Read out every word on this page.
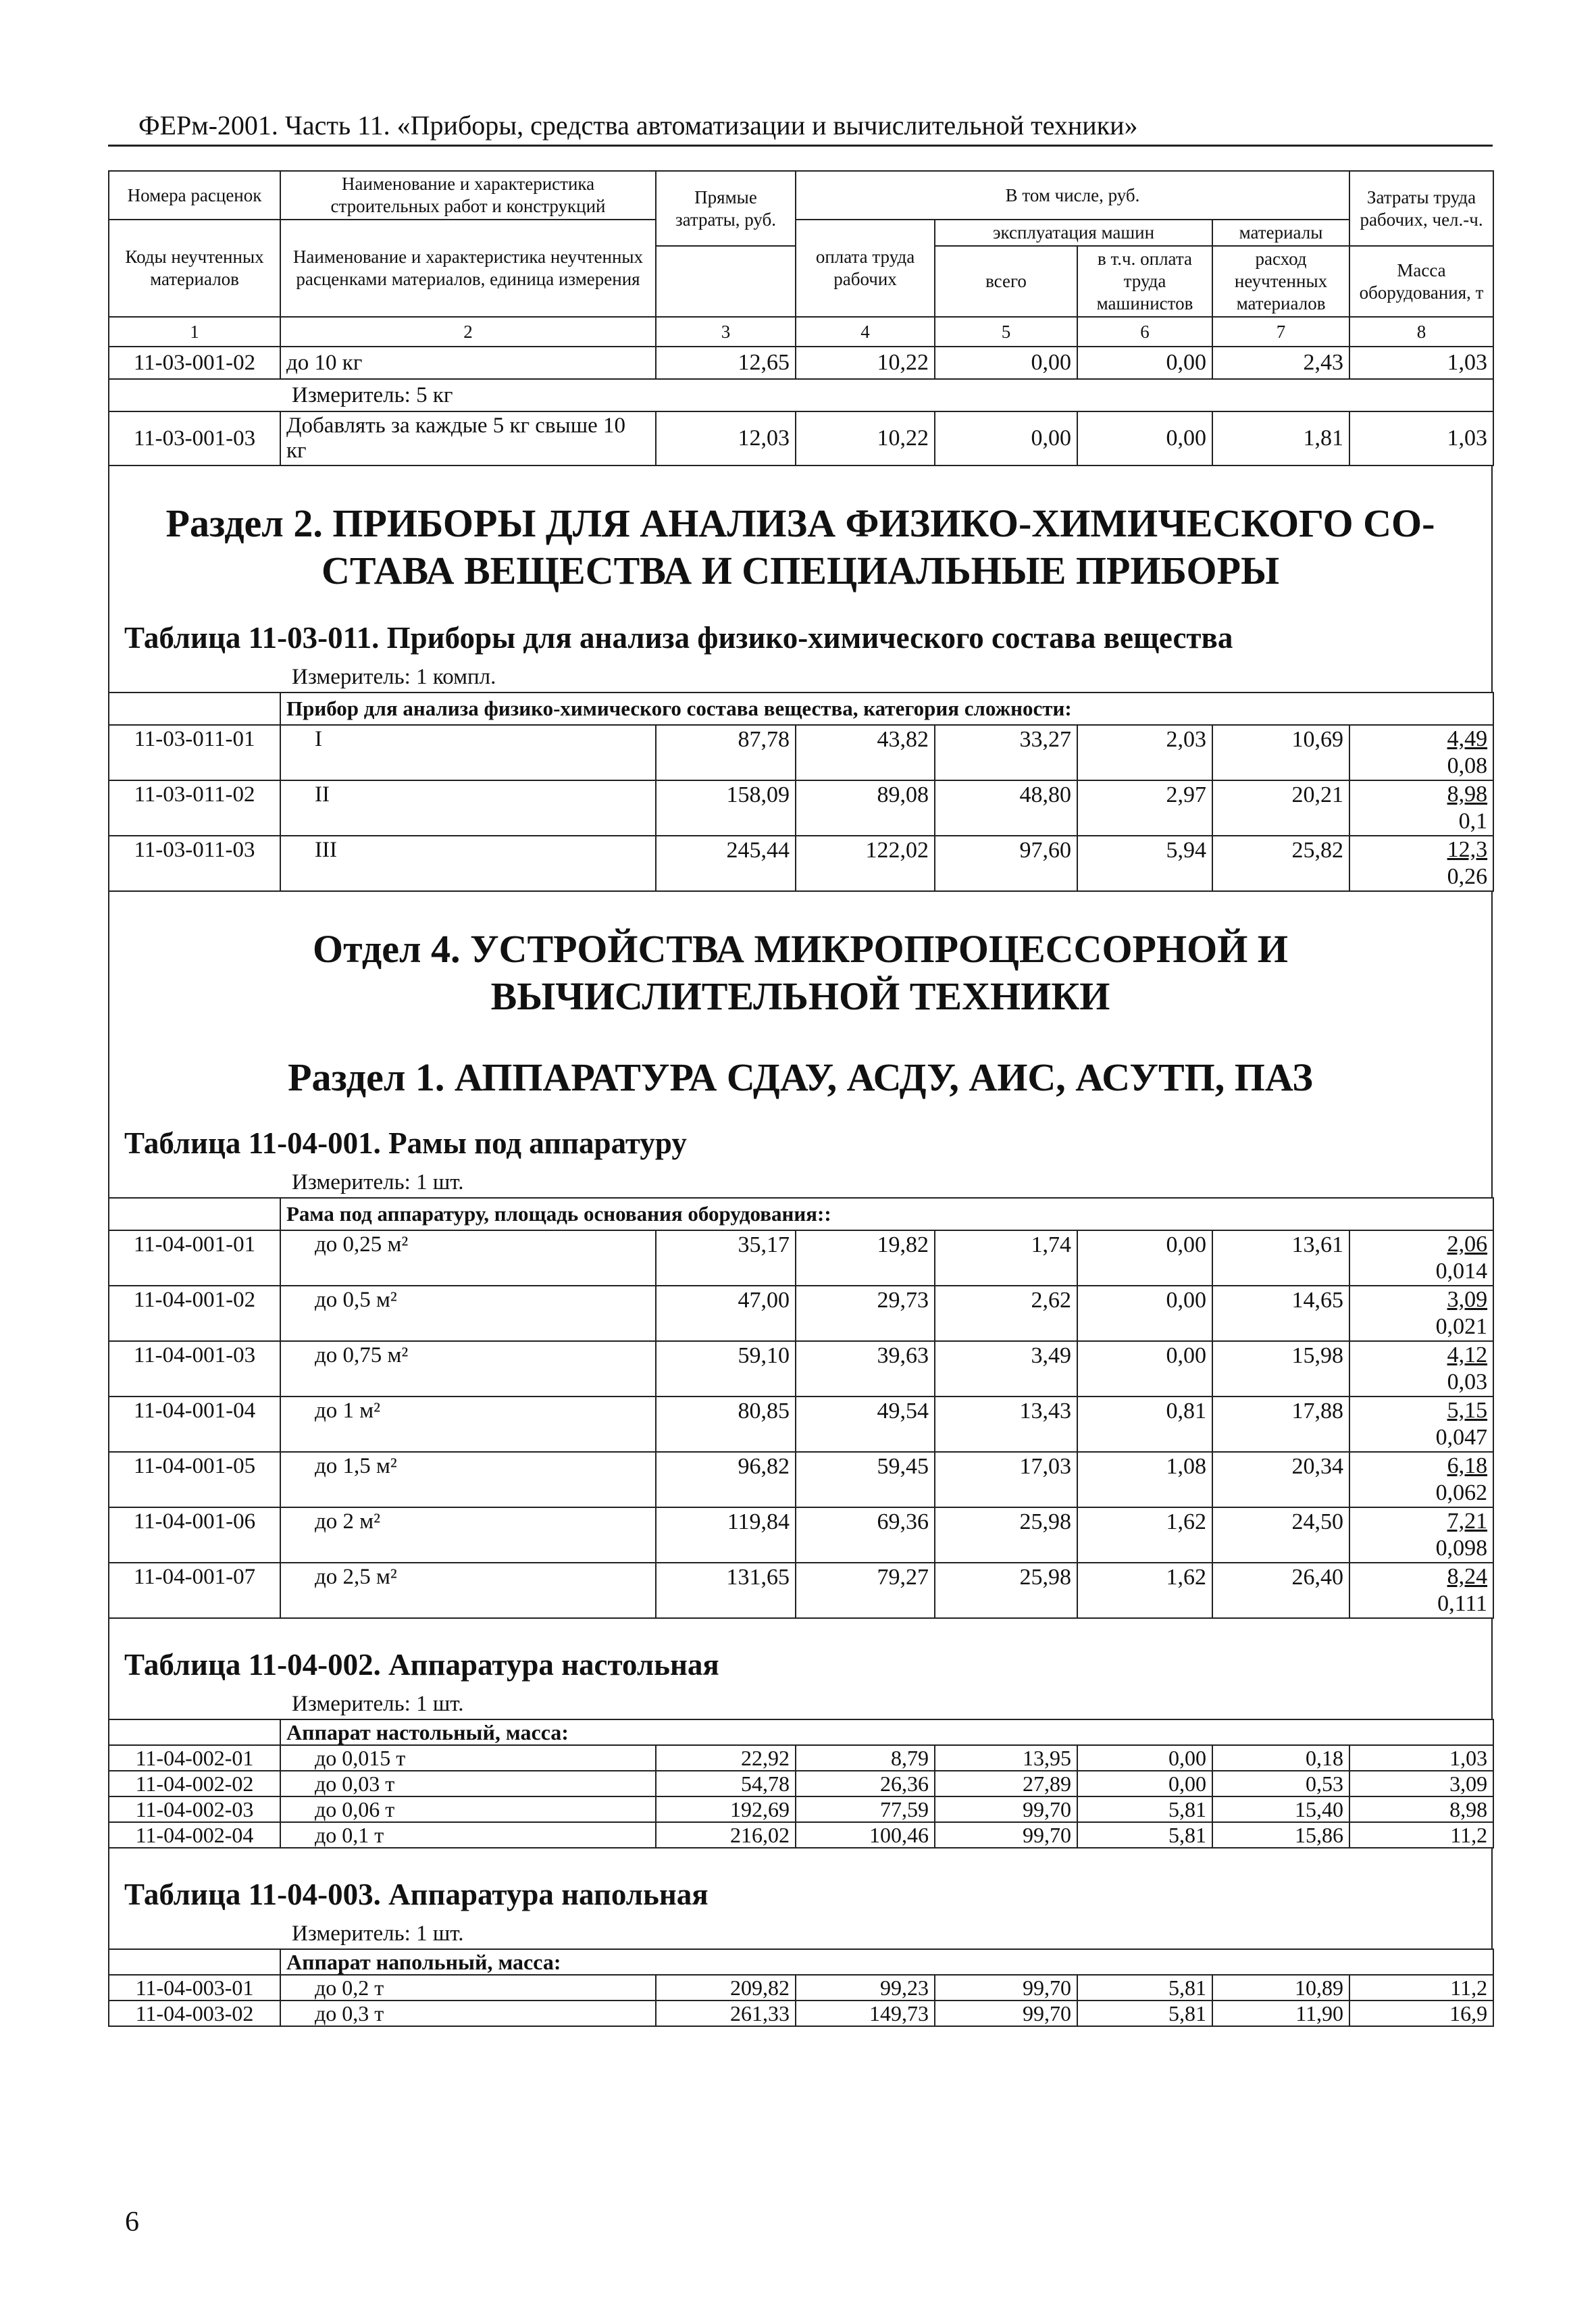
ФЕРм-2001. Часть 11. «Приборы, средства автоматизации и вычислительной техники»
Номера расценок	Наименование и характеристика строительных работ и конструкций	Прямые затраты, руб.	В том числе, руб.				Затраты труда рабочих, чел.-ч.
Коды неучтенных материалов	Наименование и характеристика неучтенных расценками материалов, единица измерения		оплата труда рабочих	эксплуатация машин		материалы	
				всего	в т.ч. оплата труда машинистов	расход неучтенных материалов	Масса оборудования, т
1	2	3	4	5	6	7	8
11-03-001-02	до 10 кг	12,65	10,22	0,00	0,00	2,43	1,03
Измеритель: 5 кг							
11-03-001-03	Добавлять за каждые 5 кг свыше 10 кг	12,03	10,22	0,00	0,00	1,81	1,03
Раздел 2. ПРИБОРЫ ДЛЯ АНАЛИЗА ФИЗИКО-ХИМИЧЕСКОГО СО-
СТАВА ВЕЩЕСТВА И СПЕЦИАЛЬНЫЕ ПРИБОРЫ
Таблица 11-03-011. Приборы для анализа физико-химического состава вещества
Измеритель: 1 компл.
	Прибор для анализа физико-химического состава вещества, категория сложности:						
11-03-011-01	I	87,78	43,82	33,27	2,03	10,69	4,49
0,08

11-03-011-02	II	158,09	89,08	48,80	2,97	20,21	8,98
0,1

11-03-011-03	III	245,44	122,02	97,60	5,94	25,82	12,3
0,26
Отдел 4. УСТРОЙСТВА МИКРОПРОЦЕССОРНОЙ И
ВЫЧИСЛИТЕЛЬНОЙ ТЕХНИКИ
Раздел 1. АППАРАТУРА СДАУ, АСДУ, АИС, АСУТП, ПАЗ
Таблица 11-04-001. Рамы под аппаратуру
Измеритель: 1 шт.
	Рама под аппаратуру, площадь основания оборудования::						
11-04-001-01	до 0,25 м²	35,17	19,82	1,74	0,00	13,61	2,06
0,014

11-04-001-02	до 0,5 м²	47,00	29,73	2,62	0,00	14,65	3,09
0,021

11-04-001-03	до 0,75 м²	59,10	39,63	3,49	0,00	15,98	4,12
0,03

11-04-001-04	до 1 м²	80,85	49,54	13,43	0,81	17,88	5,15
0,047

11-04-001-05	до 1,5 м²	96,82	59,45	17,03	1,08	20,34	6,18
0,062

11-04-001-06	до 2 м²	119,84	69,36	25,98	1,62	24,50	7,21
0,098

11-04-001-07	до 2,5 м²	131,65	79,27	25,98	1,62	26,40	8,24
0,111
Таблица 11-04-002. Аппаратура настольная
Измеритель: 1 шт.
	Аппарат настольный, масса:						
11-04-002-01	до 0,015 т	22,92	8,79	13,95	0,00	0,18	1,03
11-04-002-02	до 0,03 т	54,78	26,36	27,89	0,00	0,53	3,09
11-04-002-03	до 0,06 т	192,69	77,59	99,70	5,81	15,40	8,98
11-04-002-04	до 0,1 т	216,02	100,46	99,70	5,81	15,86	11,2
Таблица 11-04-003. Аппаратура напольная
Измеритель: 1 шт.
	Аппарат напольный, масса:						
11-04-003-01	до 0,2 т	209,82	99,23	99,70	5,81	10,89	11,2
11-04-003-02	до 0,3 т	261,33	149,73	99,70	5,81	11,90	16,9
6
